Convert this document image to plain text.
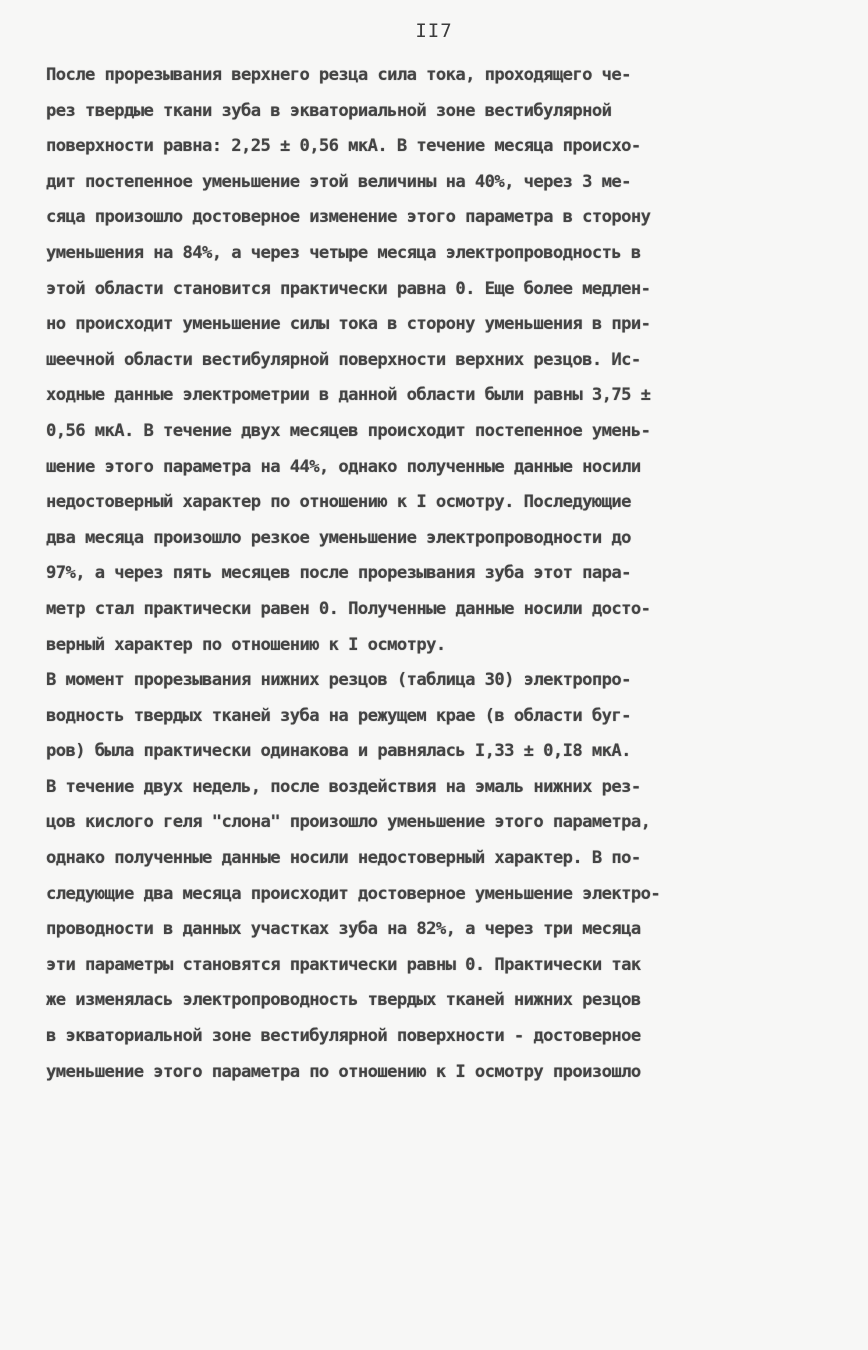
II7
После прорезывания верхнего резца сила тока, проходящего че-
рез твердые ткани зуба в экваториальной зоне вестибулярной
поверхности равна: 2,25 ± 0,56 мкА. В течение месяца происхо-
дит постепенное уменьшение этой величины на 40%, через 3 ме-
сяца произошло достоверное изменение этого параметра в сторону
уменьшения на 84%, а через четыре месяца электропроводность в
этой области становится практически равна 0. Еще более медлен-
но происходит уменьшение силы тока в сторону уменьшения в при-
шеечной области вестибулярной поверхности верхних резцов. Ис-
ходные данные электрометрии в данной области были равны 3,75 ±
0,56 мкА. В течение двух месяцев происходит постепенное умень-
шение этого параметра на 44%, однако полученные данные носили
недостоверный характер по отношению к I осмотру. Последующие
два месяца произошло резкое уменьшение электропроводности до
97%, а через пять месяцев после прорезывания зуба этот пара-
метр стал практически равен 0. Полученные данные носили досто-
верный характер по отношению к I осмотру.
В момент прорезывания нижних резцов (таблица 30) электропро-
водность твердых тканей зуба на режущем крае (в области буг-
ров) была практически одинакова и равнялась I,33 ± 0,I8 мкА.
В течение двух недель, после воздействия на эмаль нижних рез-
цов кислого геля "слона" произошло уменьшение этого параметра,
однако полученные данные носили недостоверный характер. В по-
следующие два месяца происходит достоверное уменьшение электро-
проводности в данных участках зуба на 82%, а через три месяца
эти параметры становятся практически равны 0. Практически так
же изменялась электропроводность твердых тканей нижних резцов
в экваториальной зоне вестибулярной поверхности - достоверное
уменьшение этого параметра по отношению к I осмотру произошло
